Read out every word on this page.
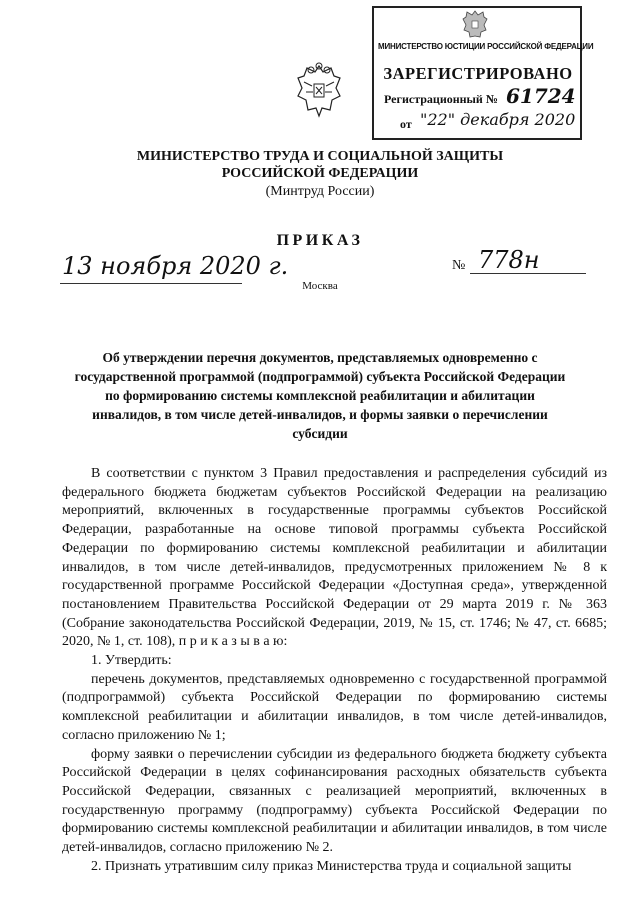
МИНИСТЕРСТВО ЮСТИЦИИ РОССИЙСКОЙ ФЕДЕРАЦИИ
ЗАРЕГИСТРИРОВАНО
Регистрационный № 61724
от "22" декабря 2020
МИНИСТЕРСТВО ТРУДА И СОЦИАЛЬНОЙ ЗАЩИТЫ
РОССИЙСКОЙ ФЕДЕРАЦИИ
(Минтруд России)
ПРИКАЗ
13 ноября 2020 г.	№ 778н
Москва
Об утверждении перечня документов, представляемых одновременно с государственной программой (подпрограммой) субъекта Российской Федерации по формированию системы комплексной реабилитации и абилитации инвалидов, в том числе детей-инвалидов, и формы заявки о перечислении субсидии

В соответствии с пунктом 3 Правил предоставления и распределения субсидий из федерального бюджета бюджетам субъектов Российской Федерации на реализацию мероприятий, включенных в государственные программы субъектов Российской Федерации, разработанные на основе типовой программы субъекта Российской Федерации по формированию системы комплексной реабилитации и абилитации инвалидов, в том числе детей-инвалидов, предусмотренных приложением № 8 к государственной программе Российской Федерации «Доступная среда», утвержденной постановлением Правительства Российской Федерации от 29 марта 2019 г. № 363 (Собрание законодательства Российской Федерации, 2019, № 15, ст. 1746; № 47, ст. 6685; 2020, № 1, ст. 108), п р и к а з ы в а ю:

1. Утвердить:

перечень документов, представляемых одновременно с государственной программой (подпрограммой) субъекта Российской Федерации по формированию системы комплексной реабилитации и абилитации инвалидов, в том числе детей-инвалидов, согласно приложению № 1;

форму заявки о перечислении субсидии из федерального бюджета бюджету субъекта Российской Федерации в целях софинансирования расходных обязательств субъекта Российской Федерации, связанных с реализацией мероприятий, включенных в государственную программу (подпрограмму) субъекта Российской Федерации по формированию системы комплексной реабилитации и абилитации инвалидов, в том числе детей-инвалидов, согласно приложению № 2.

2. Признать утратившим силу приказ Министерства труда и социальной защиты
